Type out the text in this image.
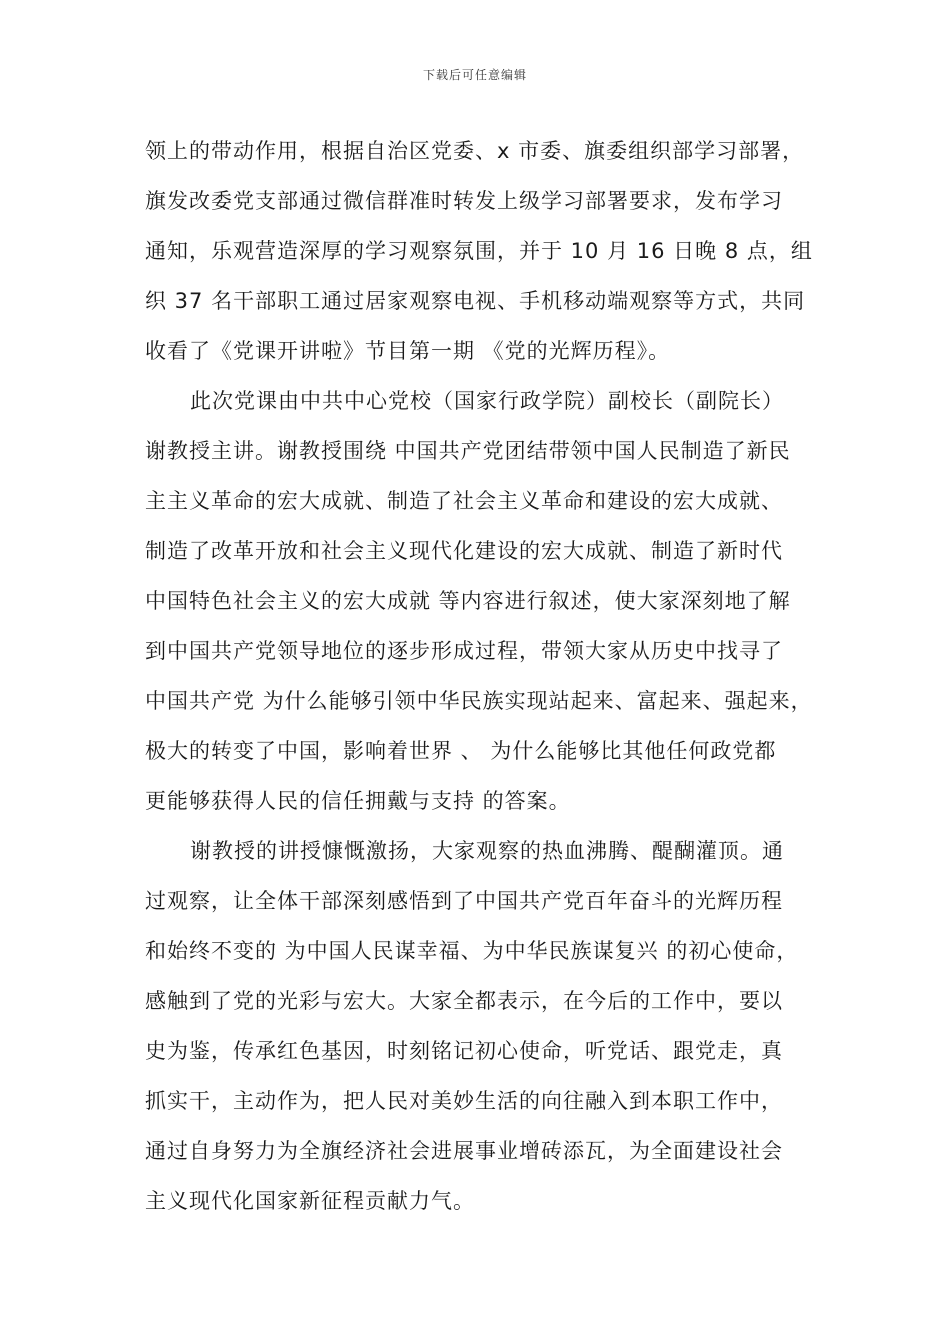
下载后可任意编辑

领上的带动作用，根据自治区党委、x 市委、旗委组织部学习部署，

旗发改委党支部通过微信群准时转发上级学习部署要求，发布学习

通知，乐观营造深厚的学习观察氛围，并于 10 月 16 日晚 8 点，组

织 37 名干部职工通过居家观察电视、手机移动端观察等方式，共同

收看了《党课开讲啦》节目第一期 《党的光辉历程》。

此次党课由中共中心党校（国家行政学院）副校长（副院长）

谢教授主讲。谢教授围绕 中国共产党团结带领中国人民制造了新民

主主义革命的宏大成就、制造了社会主义革命和建设的宏大成就、

制造了改革开放和社会主义现代化建设的宏大成就、制造了新时代

中国特色社会主义的宏大成就 等内容进行叙述，使大家深刻地了解

到中国共产党领导地位的逐步形成过程，带领大家从历史中找寻了

中国共产党 为什么能够引领中华民族实现站起来、富起来、强起来，

极大的转变了中国，影响着世界 、 为什么能够比其他任何政党都

更能够获得人民的信任拥戴与支持 的答案。

谢教授的讲授慷慨激扬，大家观察的热血沸腾、醍醐灌顶。通

过观察，让全体干部深刻感悟到了中国共产党百年奋斗的光辉历程

和始终不变的 为中国人民谋幸福、为中华民族谋复兴 的初心使命，

感触到了党的光彩与宏大。大家全都表示，在今后的工作中，要以

史为鉴，传承红色基因，时刻铭记初心使命，听党话、跟党走，真

抓实干，主动作为，把人民对美妙生活的向往融入到本职工作中，

通过自身努力为全旗经济社会进展事业增砖添瓦，为全面建设社会

主义现代化国家新征程贡献力气。
